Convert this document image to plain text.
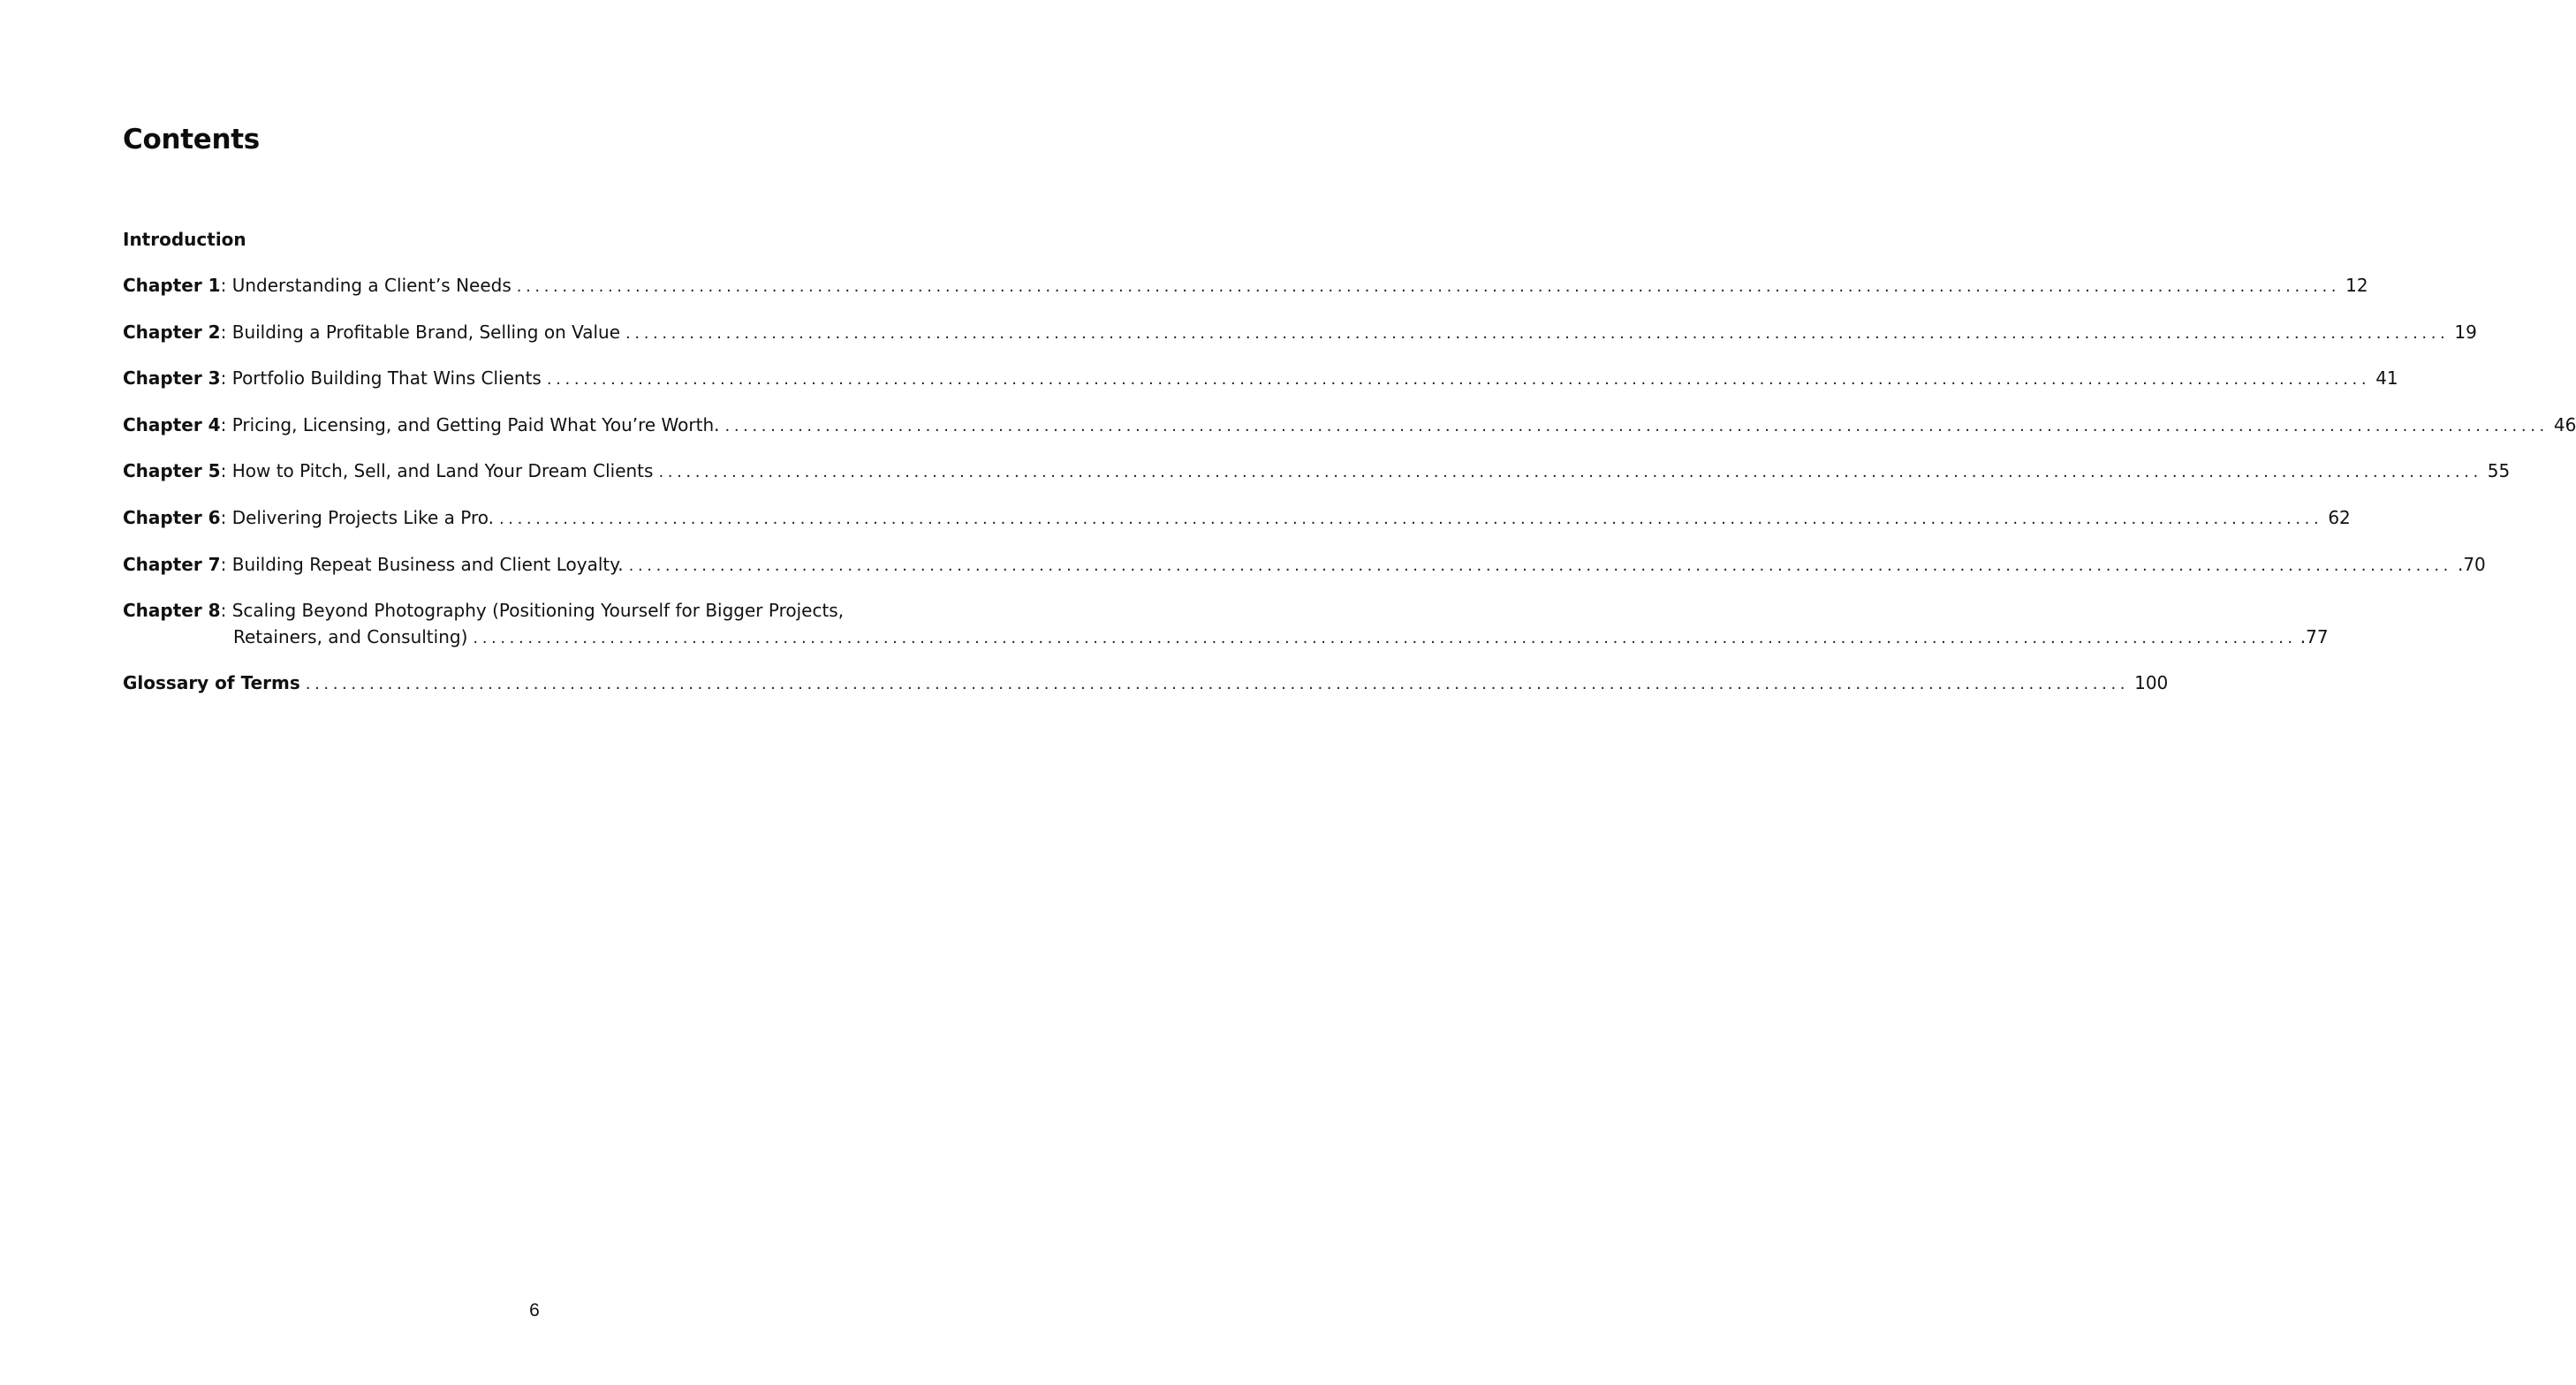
Contents
Introduction
Chapter 1 : Understanding a Client’s Needs ........................................................................................................................................................................................................ 12
Chapter 2 : Building a Profitable Brand, Selling on Value ........................................................................................................................................................................................................ 19
Chapter 3 : Portfolio Building That Wins Clients ........................................................................................................................................................................................................ 41
Chapter 4 : Pricing, Licensing, and Getting Paid What You’re Worth. ........................................................................................................................................................................................................ 46
Chapter 5 : How to Pitch, Sell, and Land Your Dream Clients ........................................................................................................................................................................................................ 55
Chapter 6 : Delivering Projects Like a Pro. ........................................................................................................................................................................................................ 62
Chapter 7 : Building Repeat Business and Client Loyalty. ........................................................................................................................................................................................................ .70
Chapter 8: Scaling Beyond Photography (Positioning Yourself for Bigger Projects,
Retainers, and Consulting) ........................................................................................................................................................................................................ .77
Glossary of Terms ........................................................................................................................................................................................................ 100
6
